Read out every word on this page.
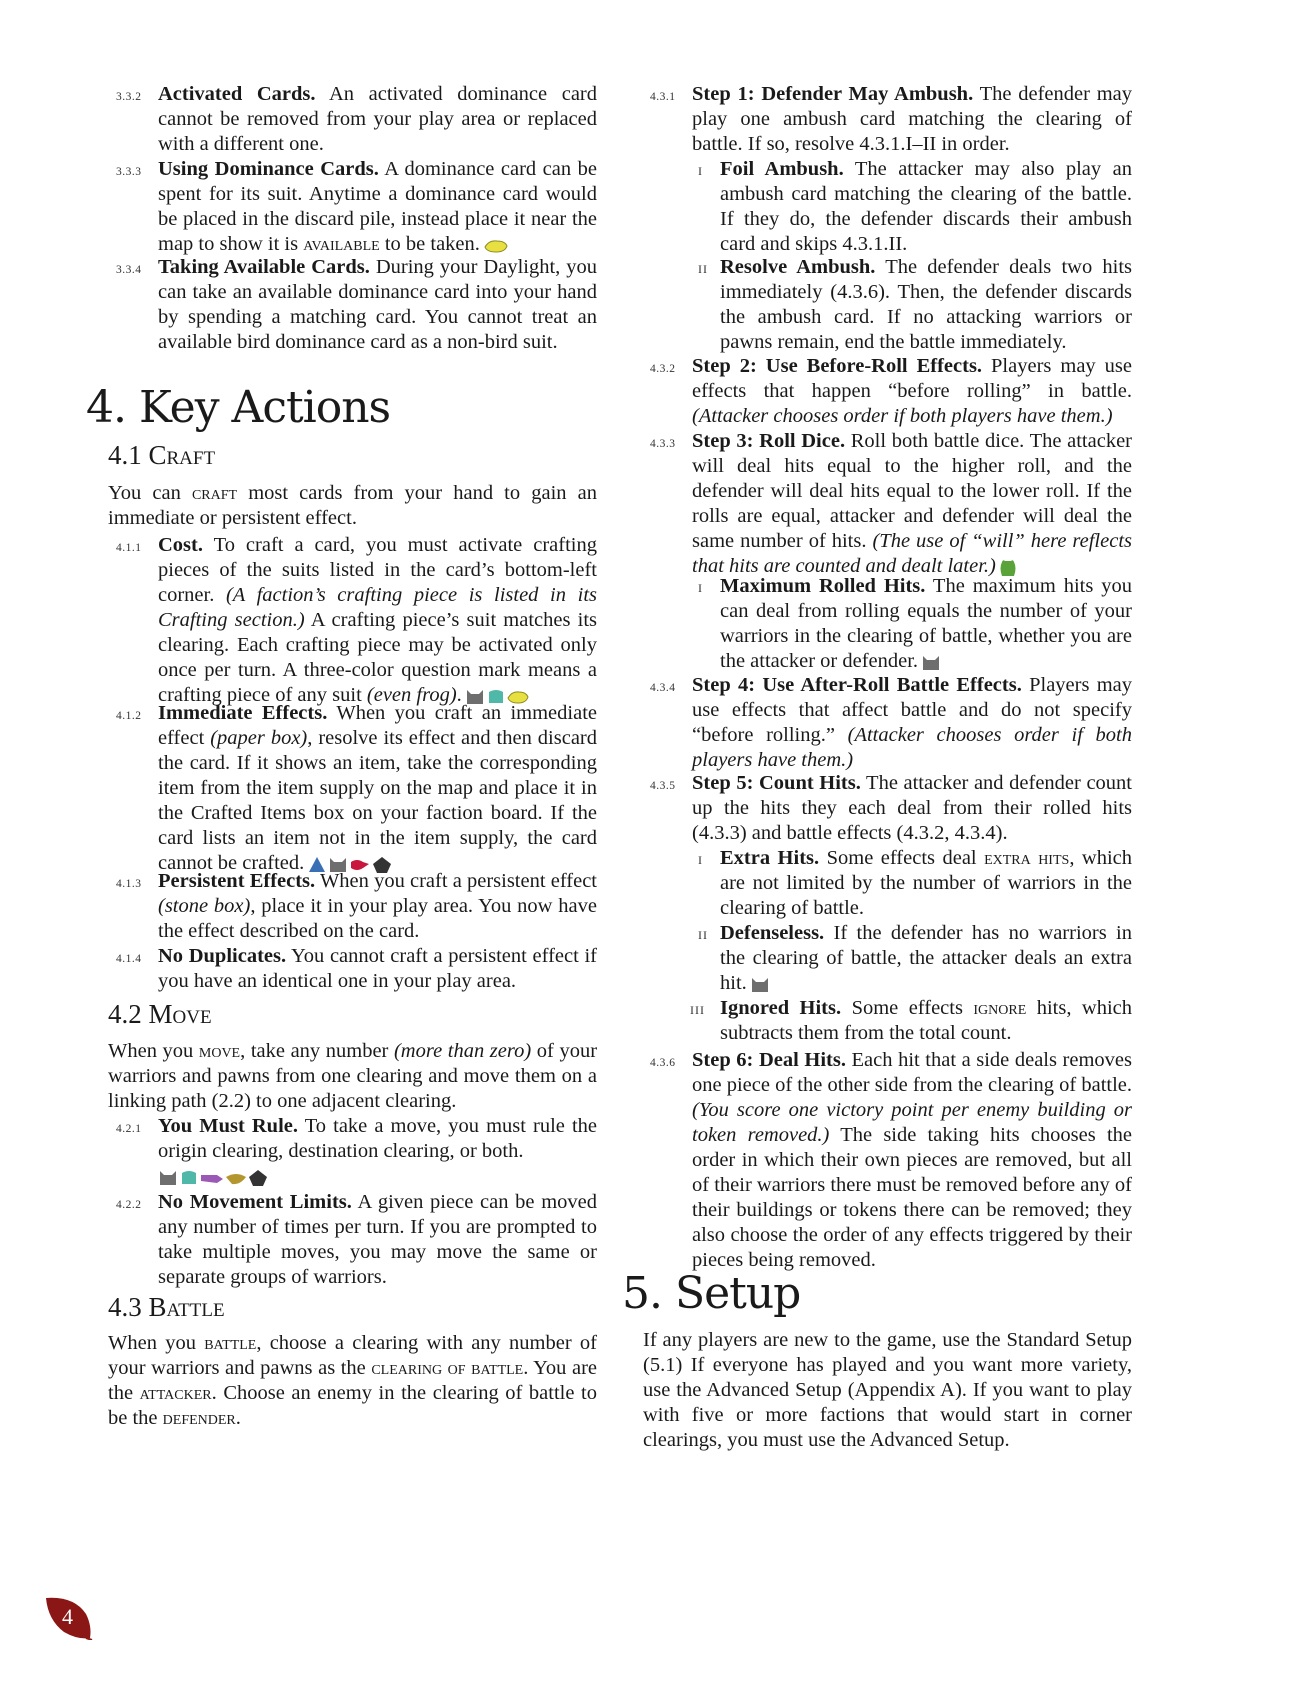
3.3.2 Activated Cards. An activated dominance card cannot be removed from your play area or replaced with a different one.
3.3.3 Using Dominance Cards. A dominance card can be spent for its suit. Anytime a dominance card would be placed in the discard pile, instead place it near the map to show it is available to be taken.
3.3.4 Taking Available Cards. During your Daylight, you can take an available dominance card into your hand by spending a matching card. You cannot treat an available bird dominance card as a non-bird suit.
4. Key Actions
4.1 Craft
You can craft most cards from your hand to gain an immediate or persistent effect.
4.1.1 Cost. To craft a card, you must activate crafting pieces of the suits listed in the card’s bottom-left corner. (A faction’s crafting piece is listed in its Crafting section.) A crafting piece’s suit matches its clearing. Each crafting piece may be activated only once per turn. A three-color question mark means a crafting piece of any suit (even frog).
4.1.2 Immediate Effects. When you craft an immediate effect (paper box), resolve its effect and then discard the card. If it shows an item, take the corresponding item from the item supply on the map and place it in the Crafted Items box on your faction board. If the card lists an item not in the item supply, the card cannot be crafted.
4.1.3 Persistent Effects. When you craft a persistent effect (stone box), place it in your play area. You now have the effect described on the card.
4.1.4 No Duplicates. You cannot craft a persistent effect if you have an identical one in your play area.
4.2 Move
When you move, take any number (more than zero) of your warriors and pawns from one clearing and move them on a linking path (2.2) to one adjacent clearing.
4.2.1 You Must Rule. To take a move, you must rule the origin clearing, destination clearing, or both.
4.2.2 No Movement Limits. A given piece can be moved any number of times per turn. If you are prompted to take multiple moves, you may move the same or separate groups of warriors.
4.3 Battle
When you battle, choose a clearing with any number of your warriors and pawns as the clearing of battle. You are the attacker. Choose an enemy in the clearing of battle to be the defender.
4.3.1 Step 1: Defender May Ambush. The defender may play one ambush card matching the clearing of battle. If so, resolve 4.3.1.I–II in order.
I Foil Ambush. The attacker may also play an ambush card matching the clearing of the battle. If they do, the defender discards their ambush card and skips 4.3.1.II.
II Resolve Ambush. The defender deals two hits immediately (4.3.6). Then, the defender discards the ambush card. If no attacking warriors or pawns remain, end the battle immediately.
4.3.2 Step 2: Use Before-Roll Effects. Players may use effects that happen “before rolling” in battle. (Attacker chooses order if both players have them.)
4.3.3 Step 3: Roll Dice. Roll both battle dice. The attacker will deal hits equal to the higher roll, and the defender will deal hits equal to the lower roll. If the rolls are equal, attacker and defender will deal the same number of hits. (The use of “will” here reflects that hits are counted and dealt later.)
I Maximum Rolled Hits. The maximum hits you can deal from rolling equals the number of your warriors in the clearing of battle, whether you are the attacker or defender.
4.3.4 Step 4: Use After-Roll Battle Effects. Players may use effects that affect battle and do not specify “before rolling.” (Attacker chooses order if both players have them.)
4.3.5 Step 5: Count Hits. The attacker and defender count up the hits they each deal from their rolled hits (4.3.3) and battle effects (4.3.2, 4.3.4).
I Extra Hits. Some effects deal extra hits, which are not limited by the number of warriors in the clearing of battle.
II Defenseless. If the defender has no warriors in the clearing of battle, the attacker deals an extra hit.
III Ignored Hits. Some effects ignore hits, which subtracts them from the total count.
4.3.6 Step 6: Deal Hits. Each hit that a side deals removes one piece of the other side from the clearing of battle. (You score one victory point per enemy building or token removed.) The side taking hits chooses the order in which their own pieces are removed, but all of their warriors there must be removed before any of their buildings or tokens there can be removed; they also choose the order of any effects triggered by their pieces being removed.
5. Setup
If any players are new to the game, use the Standard Setup (5.1) If everyone has played and you want more variety, use the Advanced Setup (Appendix A). If you want to play with five or more factions that would start in corner clearings, you must use the Advanced Setup.
4
